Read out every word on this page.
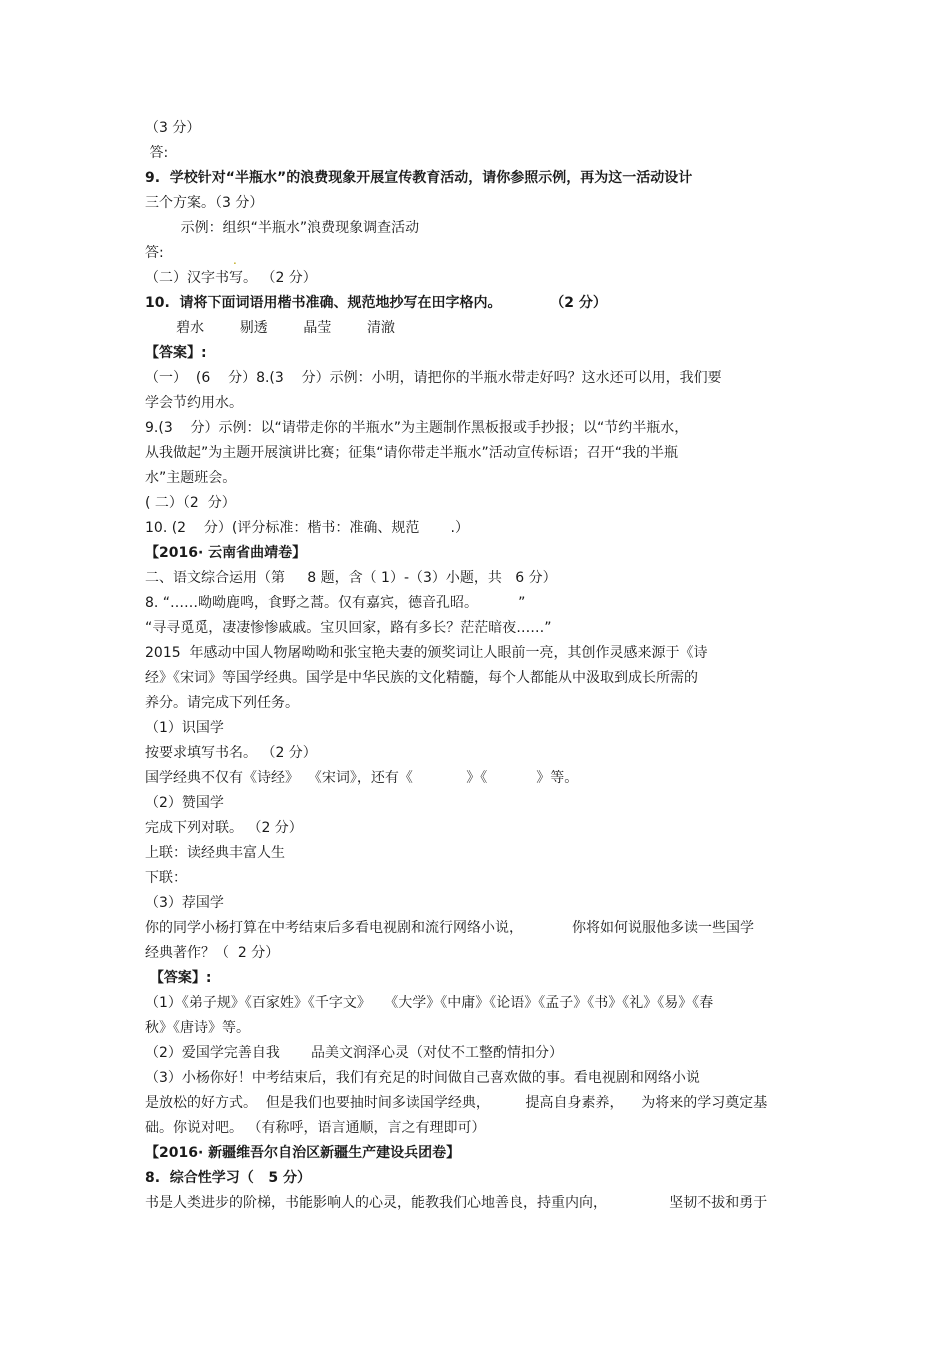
（3 分）
答:
9.  学校针对“半瓶水”的浪费现象开展宣传教育活动，请你参照示例，再为这一活动设计
三个方案。（3 分）
示例：组织“半瓶水”浪费现象调查活动
答:	.
（二）汉字书写。 （2 分）
10.  请将下面词语用楷书准确、规范地抄写在田字格内。          （2 分）
碧水        剔透        晶莹        清澈
【答案】:
（一）  (6    分）8.(3    分）示例：小明，请把你的半瓶水带走好吗？这水还可以用，我们要
学会节约用水。
9.(3    分）示例：以“请带走你的半瓶水”为主题制作黑板报或手抄报；以“节约半瓶水，
从我做起”为主题开展演讲比赛；征集“请你带走半瓶水”活动宣传标语；召开“我的半瓶
水”主题班会。
( 二）（2  分）
10. (2    分）(评分标准：楷书：准确、规范       .）
【2016· 云南省曲靖卷】
二、语文综合运用（第     8 题，含（ 1）-（3）小题，共   6 分）
8. “……呦呦鹿鸣，食野之蒿。仅有嘉宾，德音孔昭。         ”
“寻寻觅觅，凄凄惨惨戚戚。宝贝回家，路有多长？茫茫暗夜……”
2015  年感动中国人物屠呦呦和张宝艳夫妻的颁奖词让人眼前一亮，其创作灵感来源于《诗
经》《宋词》等国学经典。国学是中华民族的文化精髓，每个人都能从中汲取到成长所需的
养分。请完成下列任务。
（1）识国学
按要求填写书名。 （2 分）
国学经典不仅有《诗经》  《宋词》，还有《            》《           》等。
（2）赞国学
完成下列对联。 （2 分）
上联：读经典丰富人生
下联：
（3）荐国学
你的同学小杨打算在中考结束后多看电视剧和流行网络小说，           你将如何说服他多读一些国学
经典著作？（  2 分）
【答案】:
（1）《弟子规》《百家姓》《千字文》   《大学》《中庸》《论语》《孟子》《书》《礼》《易》《春
秋》《唐诗》等。
（2）爱国学完善自我       品美文润泽心灵（对仗不工整酌情扣分）
（3）小杨你好！中考结束后，我们有充足的时间做自己喜欢做的事。看电视剧和网络小说
是放松的好方式。  但是我们也要抽时间多读国学经典，        提高自身素养，    为将来的学习奠定基
础。你说对吧。 （有称呼，语言通顺，言之有理即可）
【2016· 新疆维吾尔自治区新疆生产建设兵团卷】
8.  综合性学习（   5 分）
书是人类进步的阶梯，书能影响人的心灵，能教我们心地善良，持重内向，              坚韧不拔和勇于
